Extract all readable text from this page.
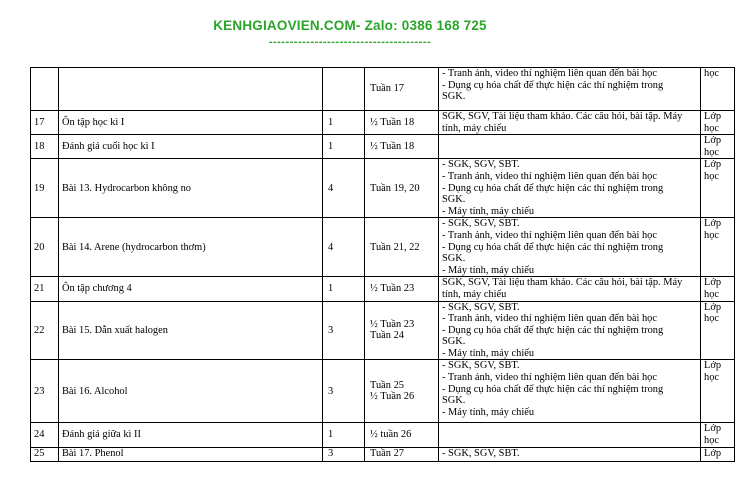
KENHGIAOVIEN.COM- Zalo: 0386 168 725
---------------------------------------

			Tuần 17	- Tranh ảnh, video thí nghiệm liên quan đến bài học
- Dụng cụ hóa chất để thực hiện các thí nghiệm trong
SGK.	học

17	Ôn tập học kì I	1	½ Tuần 18	SGK, SGV, Tài liệu tham khảo. Các câu hỏi, bài tập. Máy
tính, máy chiếu	Lớp
học

18	Đánh giá cuối học kì I	1	½ Tuần 18		Lớp
học

19	Bài 13. Hydrocarbon không no	4	Tuần 19, 20	- SGK, SGV, SBT.
- Tranh ảnh, video thí nghiệm liên quan đến bài học
- Dụng cụ hóa chất để thực hiện các thí nghiệm trong
SGK.
- Máy tính, máy chiếu	Lớp
học

20	Bài 14. Arene (hydrocarbon thơm)	4	Tuần 21, 22	- SGK, SGV, SBT.
- Tranh ảnh, video thí nghiệm liên quan đến bài học
- Dụng cụ hóa chất để thực hiện các thí nghiệm trong
SGK.
- Máy tính, máy chiếu	Lớp
học

21	Ôn tập chương 4	1	½ Tuần 23	SGK, SGV, Tài liệu tham khảo. Các câu hỏi, bài tập. Máy
tính, máy chiếu	Lớp
học

22	Bài 15. Dẫn xuất halogen	3	½ Tuần 23
Tuần 24	- SGK, SGV, SBT.
- Tranh ảnh, video thí nghiệm liên quan đến bài học
- Dụng cụ hóa chất để thực hiện các thí nghiệm trong
SGK.
- Máy tính, máy chiếu	Lớp
học

23	Bài 16. Alcohol	3	Tuần 25
½ Tuần 26	- SGK, SGV, SBT.
- Tranh ảnh, video thí nghiệm liên quan đến bài học
- Dụng cụ hóa chất để thực hiện các thí nghiệm trong
SGK.
- Máy tính, máy chiếu	Lớp
học

24	Đánh giá giữa kì II	1	½ tuần 26		Lớp
học

25	Bài 17. Phenol	3	Tuần 27	- SGK, SGV, SBT.	Lớp
